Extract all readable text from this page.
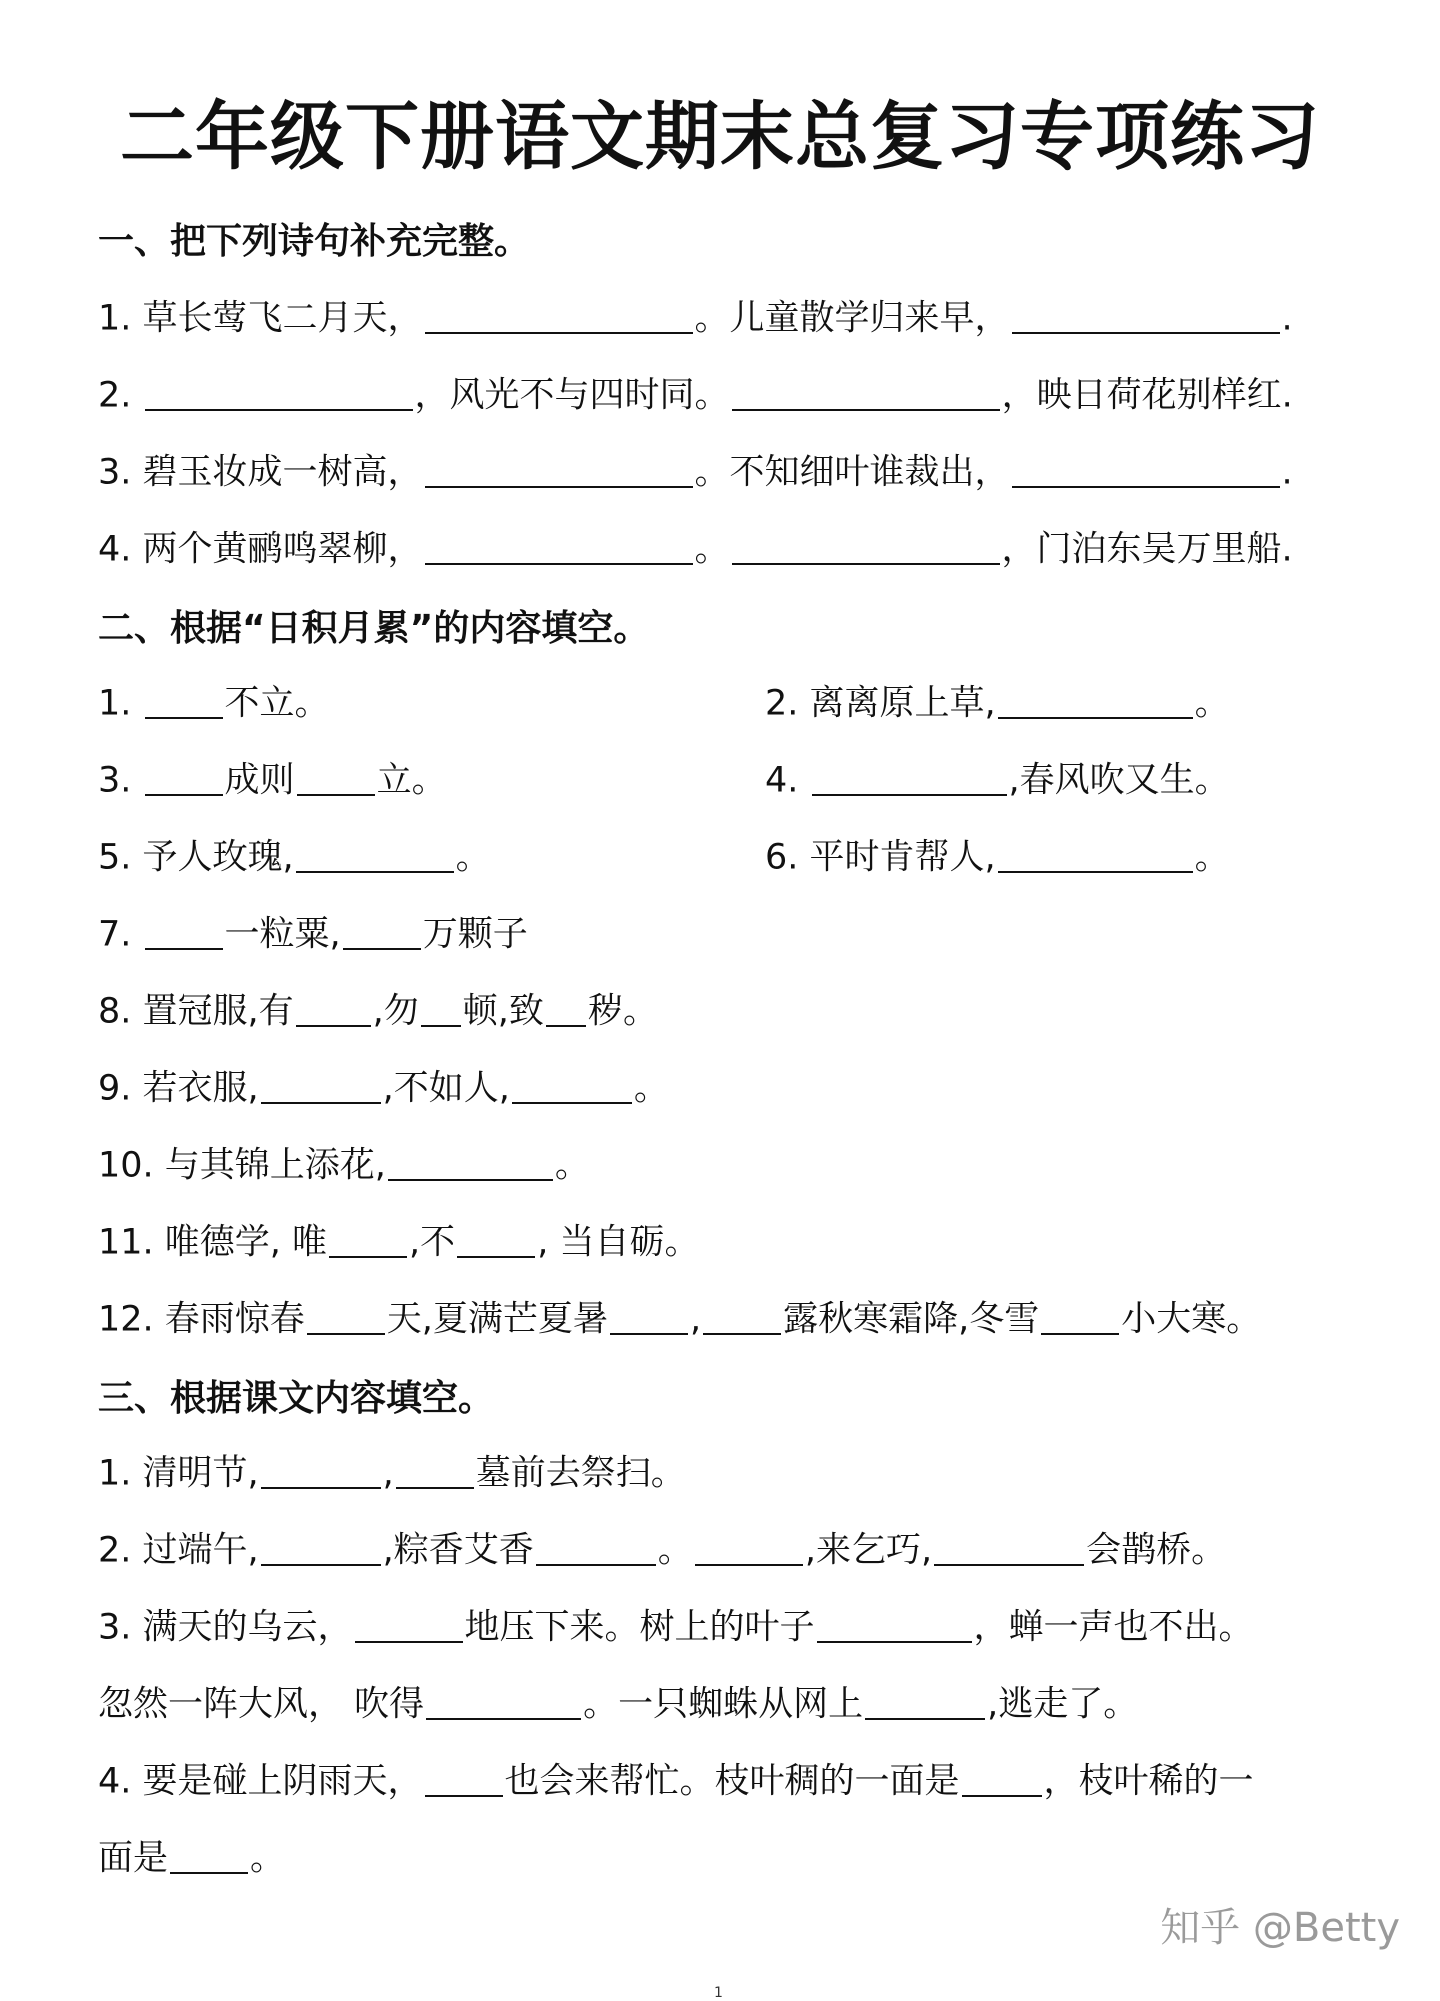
二年级下册语文期末总复习专项练习
一、把下列诗句补充完整。
1. 草长莺飞二月天，	。儿童散学归来早，	.
2.	，风光不与四时同。	，映日荷花别样红.
3. 碧玉妆成一树高，	。不知细叶谁裁出，	.
4. 两个黄鹂鸣翠柳，	。	，门泊东吴万里船.
二、根据“日积月累”的内容填空。
1.	不立。	2. 离离原上草,	。
3.	成则 立。	4.	,春风吹又生。
5. 予人玫瑰,	。	6. 平时肯帮人,	。
7.	一粒粟, 万颗子
8. 置冠服,有 ,勿 顿,致 秽。
9. 若衣服,	,不如人,	。
10. 与其锦上添花,	。
11. 唯德学, 唯 ,不 , 当自砺。
12. 春雨惊春 天,夏满芒夏暑 , 露秋寒霜降,冬雪 小大寒。
三、根据课文内容填空。
1. 清明节,	, 墓前去祭扫。
2. 过端午,	,粽香艾香	。	,来乞巧,	会鹊桥。
3. 满天的乌云，	地压下来。树上的叶子	，蝉一声也不出。
忽然一阵大风， 吹得	。一只蜘蛛从网上	,逃走了。
4. 要是碰上阴雨天， 也会来帮忙。枝叶稠的一面是 ，枝叶稀的一
面是 。
知乎 @Betty
1
